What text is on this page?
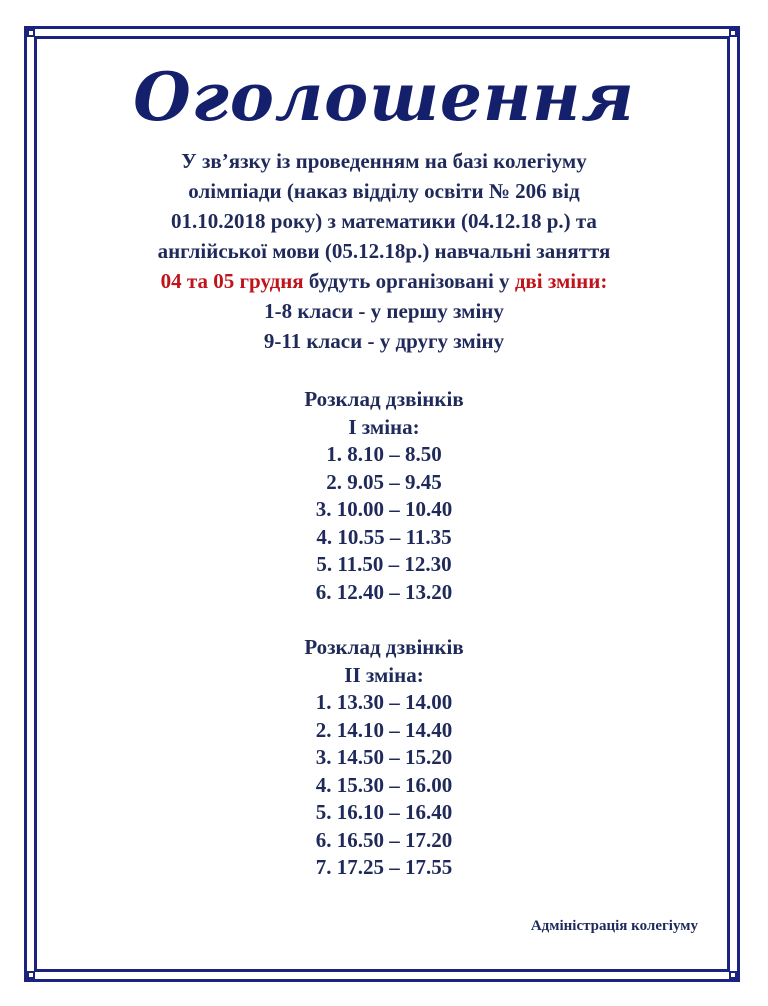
Оголошення

У зв’язку із проведенням на базі колегіуму

олімпіади (наказ відділу освіти № 206 від

01.10.2018 року) з математики (04.12.18 р.) та

англійської мови (05.12.18р.) навчальні заняття

04 та 05 грудня будуть організовані у дві зміни:

1-8 класи - у першу зміну

9-11 класи - у другу зміну

Розклад дзвінків
І зміна:
1. 8.10 – 8.50
2. 9.05 – 9.45
3. 10.00 – 10.40
4. 10.55 – 11.35
5. 11.50 – 12.30
6. 12.40 – 13.20
Розклад дзвінків
ІІ зміна:
1. 13.30 – 14.00
2. 14.10 – 14.40
3. 14.50 – 15.20
4. 15.30 – 16.00
5. 16.10 – 16.40
6. 16.50 – 17.20
7. 17.25 – 17.55
Адміністрація колегіуму
